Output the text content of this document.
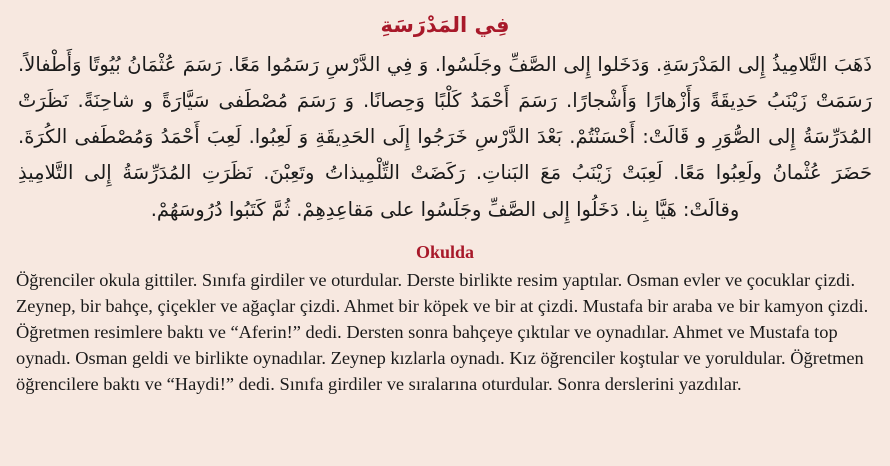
فِي المَدْرَسَةِ

ذَهَبَ التَّلامِيذُ إِلى المَدْرَسَةِ. وَدَخَلوا إِلى الصَّفِّ وجَلَسُوا. وَ فِي الدَّرْسِ رَسَمُوا مَعًا. رَسَمَ عُثْمَانُ بُيُوتًا وَأَطْفالاً. رَسَمَتْ زَيْنَبُ حَدِيقَةً وَأَزْهارًا وَأَشْجارًا. رَسَمَ أَحْمَدُ كَلْبًا وَحِصانًا. وَ رَسَمَ مُصْطَفى سَيَّارَةً و شاحِنَةً. نَظَرَتْ المُدَرِّسَةُ إِلى الصُّوَرِ و قَالَتْ: أَحْسَنْتُمْ. بَعْدَ الدَّرْسِ خَرَجُوا إِلَى الحَدِيقَةِ وَ لَعِبُوا. لَعِبَ أَحْمَدُ وَمُصْطَفى الكُرَةَ. حَضَرَ عُثْمانُ ولَعِبُوا مَعًا. لَعِبَتْ زَيْنَبُ مَعَ البَناتِ. رَكَضَتْ التِّلْمِيذاتُ وتَعِبْنَ. نَظَرَتِ المُدَرِّسَةُ إِلى التَّلامِيذِ وقالَتْ: هَيَّا بِنا. دَخَلُوا إِلى الصَّفِّ وجَلَسُوا على مَقاعِدِهِمْ. ثُمَّ كَتَبُوا دُرُوسَهُمْ.

Okulda

Öğrenciler okula gittiler. Sınıfa girdiler ve oturdular. Derste birlikte resim yaptılar. Osman evler ve çocuklar çizdi. Zeynep, bir bahçe, çiçekler ve ağaçlar çizdi. Ahmet bir köpek ve bir at çizdi. Mustafa bir araba ve bir kamyon çizdi. Öğretmen resimlere baktı ve “Aferin!” dedi. Dersten sonra bahçeye çıktılar ve oynadılar. Ahmet ve Mustafa top oynadı. Osman geldi ve birlikte oynadılar. Zeynep kızlarla oynadı. Kız öğrenciler koştular ve yoruldular. Öğretmen öğrencilere baktı ve “Haydi!” dedi. Sınıfa girdiler ve sıralarına oturdular. Sonra derslerini yazdılar.
